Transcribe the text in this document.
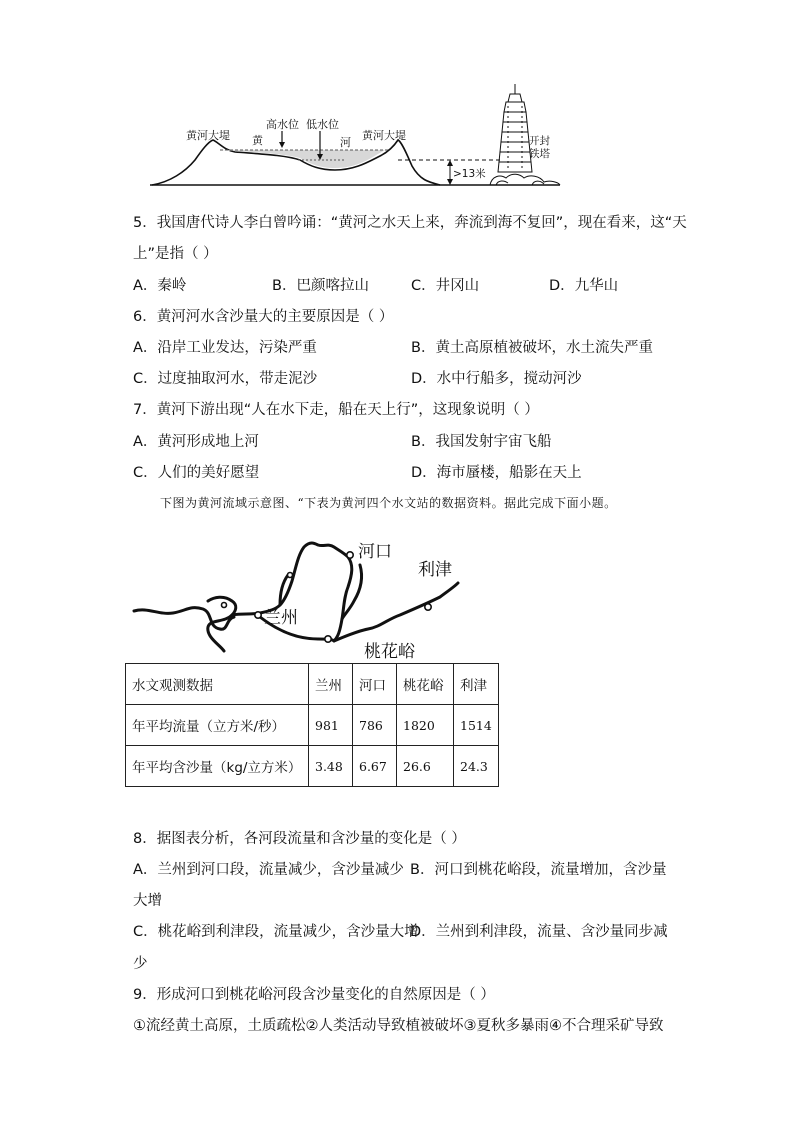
黄河大堤
高水位 低水位
黄	河
黄河大堤	开封
铁塔
>13米
5．我国唐代诗人李白曾吟诵：“黄河之水天上来，奔流到海不复回”，现在看来，这“天
上”是指（ ）
A．秦岭	B．巴颜喀拉山	C．井冈山	D．九华山
6．黄河河水含沙量大的主要原因是（ ）
A．沿岸工业发达，污染严重	B．黄土高原植被破坏，水土流失严重
C．过度抽取河水，带走泥沙	D．水中行船多，搅动河沙
7．黄河下游出现“人在水下走，船在天上行”，这现象说明（ ）
A．黄河形成地上河	B．我国发射宇宙飞船
C．人们的美好愿望	D．海市蜃楼，船影在天上
下图为黄河流域示意图、“下表为黄河四个水文站的数据资料。据此完成下面小题。
河口
利津
兰州
桃花峪
水文观测数据	兰州	河口	桃花峪	利津
年平均流量（立方米/秒）	981	786	1820	1514
年平均含沙量（kg/立方米）	3.48	6.67	26.6	24.3
8．据图表分析，各河段流量和含沙量的变化是（ ）
A．兰州到河口段，流量减少，含沙量减少 B．河口到桃花峪段，流量增加，含沙量
大增
C．桃花峪到利津段，流量减少，含沙量大增
D．兰州到利津段，流量、含沙量同步减
少
9．形成河口到桃花峪河段含沙量变化的自然原因是（ ）
①流经黄土高原，土质疏松②人类活动导致植被破坏③夏秋多暴雨④不合理采矿导致
